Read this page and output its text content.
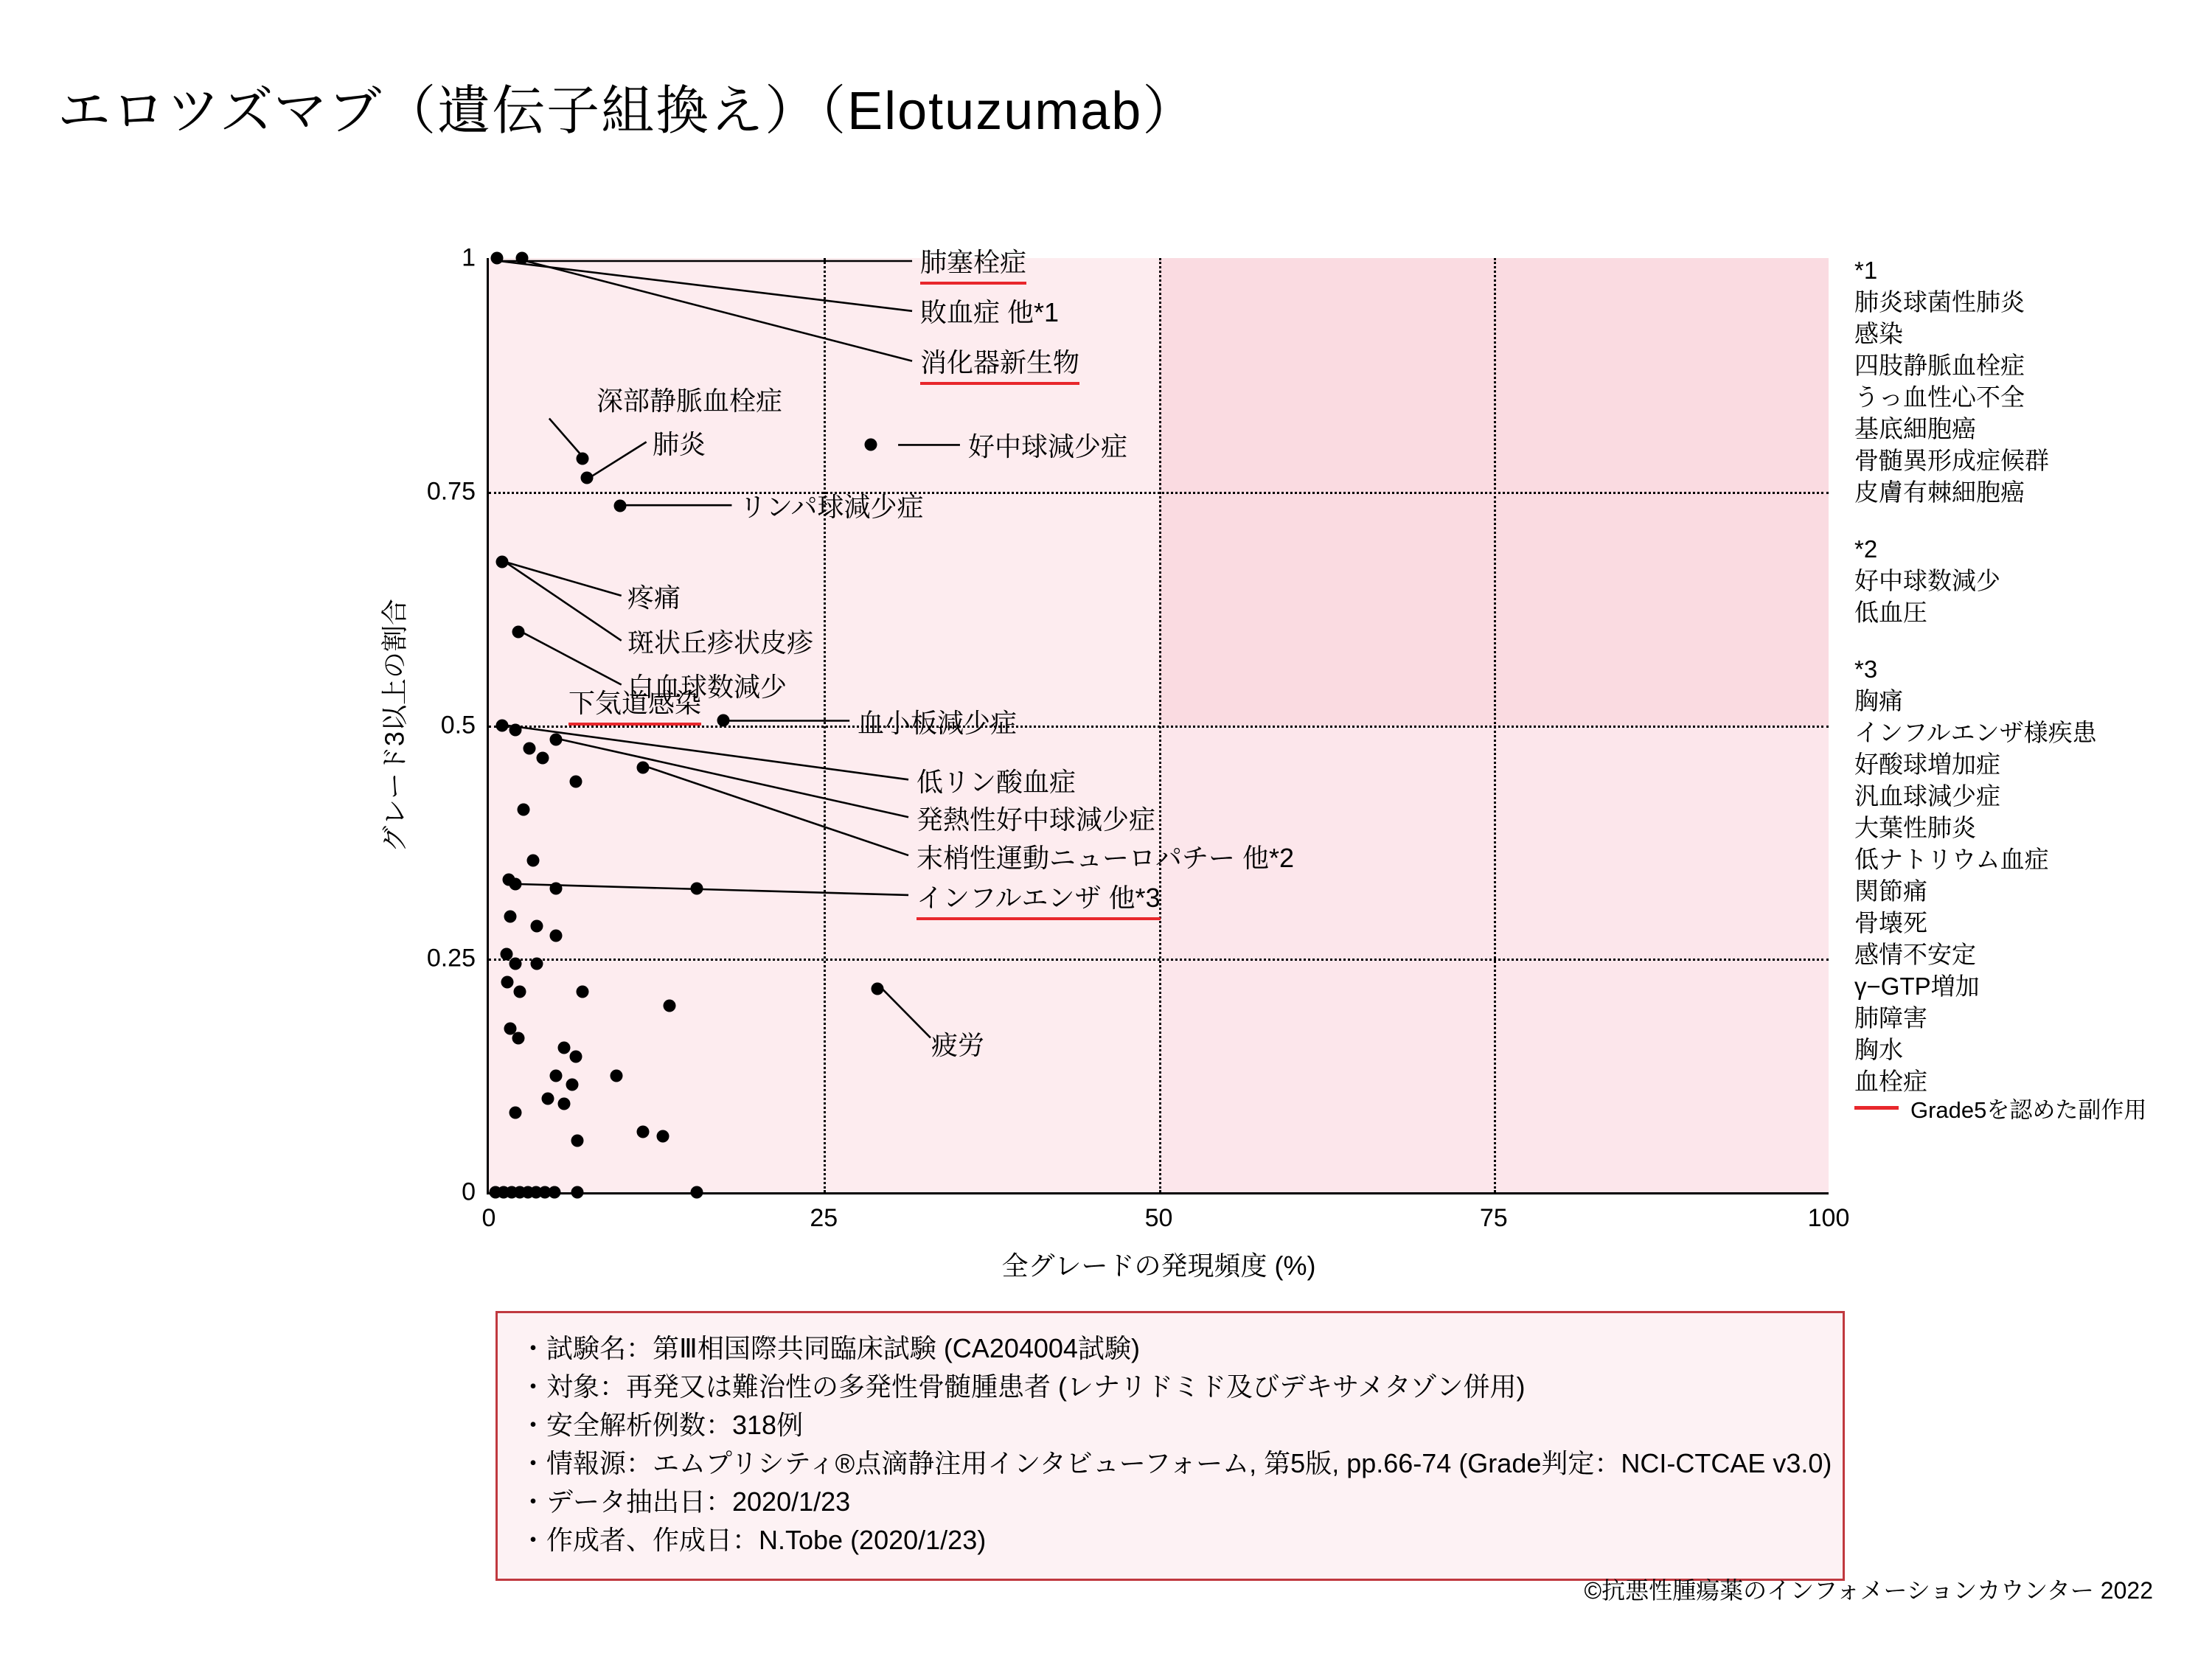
エロツズマブ（遺伝子組換え）（Elotuzumab）
0
0.25
0.5
0.75
1
0	25	50	75	100
全グレードの発現頻度 (%)
グレード3以上の割合
肺塞栓症
敗血症 他*1
消化器新生物
深部静脈血栓症
肺炎	好中球減少症
リンパ球減少症
疼痛
斑状丘疹状皮疹
白血球数減少
血小板減少症
低リン酸血症
発熱性好中球減少症
末梢性運動ニューロパチー 他*2
インフルエンザ 他*3
下気道感染
疲労
*1
肺炎球菌性肺炎
感染
四肢静脈血栓症
うっ血性心不全
基底細胞癌
骨髄異形成症候群
皮膚有棘細胞癌
*2
好中球数減少
低血圧
*3
胸痛
インフルエンザ様疾患
好酸球増加症
汎血球減少症
大葉性肺炎
低ナトリウム血症
関節痛
骨壊死
感情不安定
γ−GTP増加
肺障害
胸水
血栓症
Grade5を認めた副作用
・試験名：第Ⅲ相国際共同臨床試験 (CA204004試験)
・対象：再発又は難治性の多発性骨髄腫患者 (レナリドミド及びデキサメタゾン併用)
・安全解析例数：318例
・情報源：エムプリシティ®点滴静注用インタビューフォーム, 第5版, pp.66-74 (Grade判定：NCI-CTCAE v3.0)
・データ抽出日：2020/1/23
・作成者、作成日：N.Tobe (2020/1/23)
©抗悪性腫瘍薬のインフォメーションカウンター 2022
